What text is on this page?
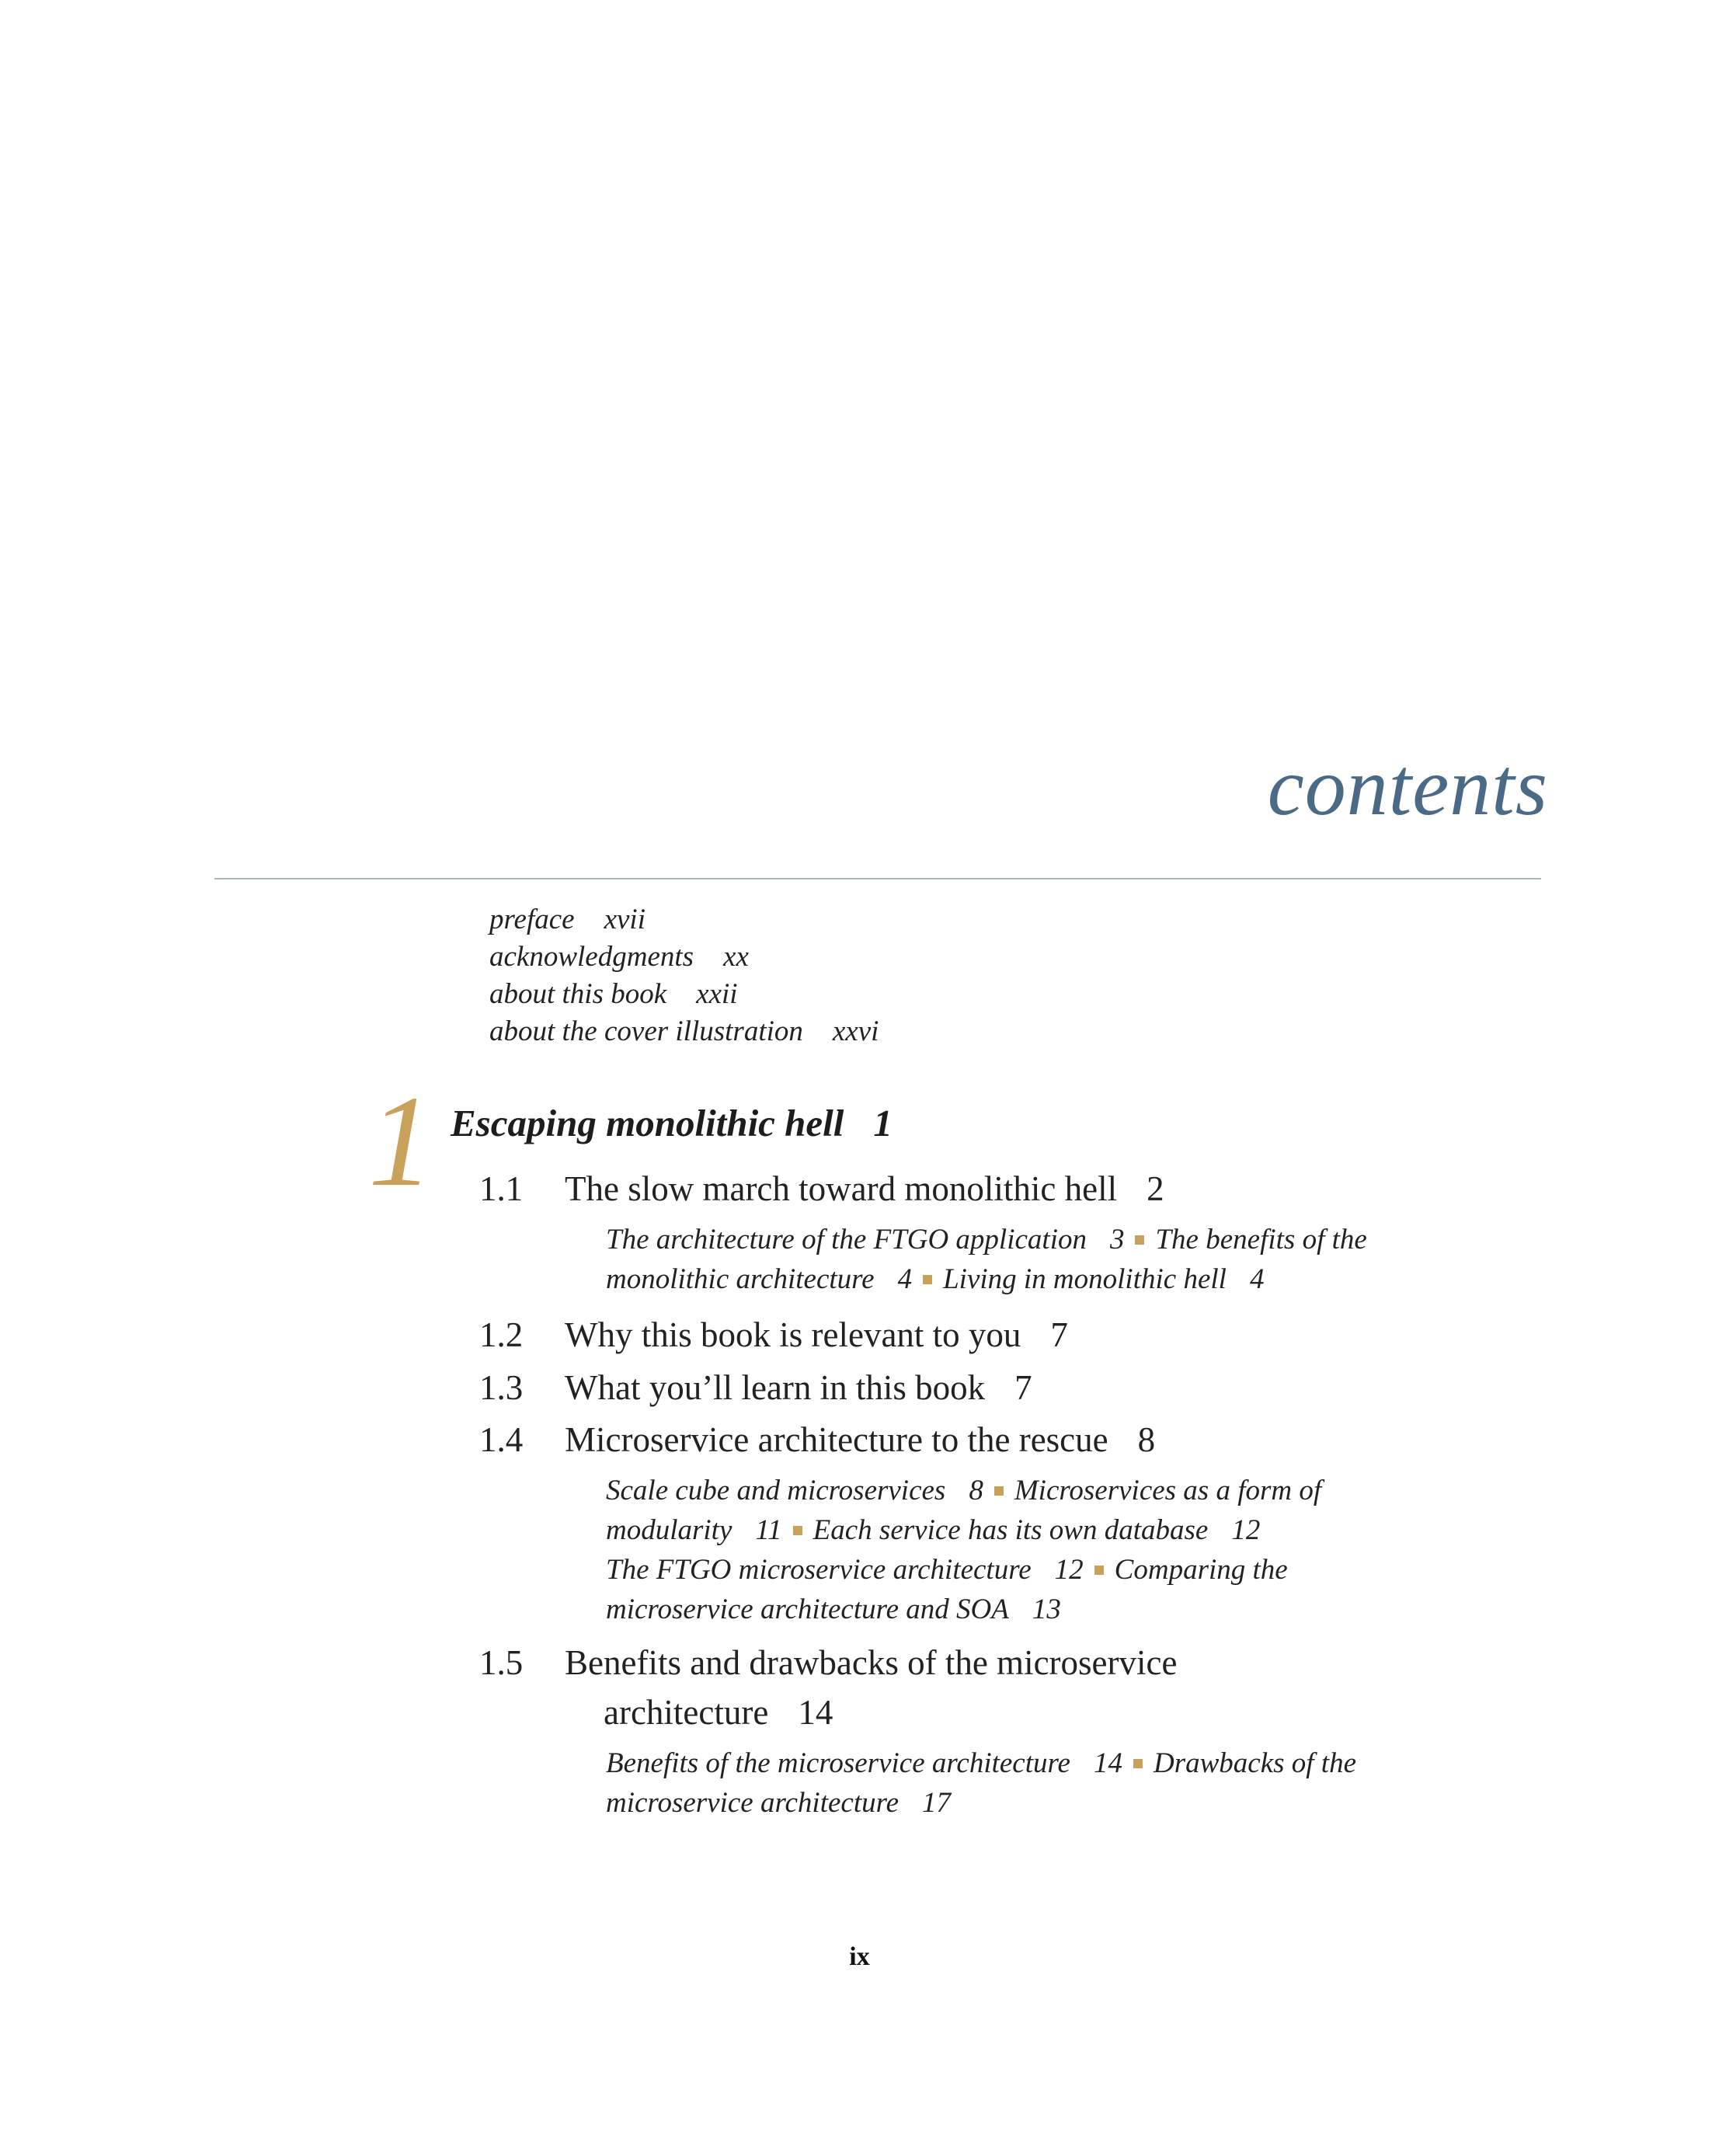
contents
preface xvii
acknowledgments xx
about this book xxii
about the cover illustration xxvi
1 Escaping monolithic hell 1
1.1 The slow march toward monolithic hell 2
The architecture of the FTGO application 3 The benefits of the
monolithic architecture 4 Living in monolithic hell 4
1.2 Why this book is relevant to you 7
1.3 What you’ll learn in this book 7
1.4 Microservice architecture to the rescue 8
Scale cube and microservices 8 Microservices as a form of
modularity 11 Each service has its own database 12
The FTGO microservice architecture 12 Comparing the
microservice architecture and SOA 13
1.5 Benefits and drawbacks of the microservice
architecture 14
Benefits of the microservice architecture 14 Drawbacks of the
microservice architecture 17
ix
